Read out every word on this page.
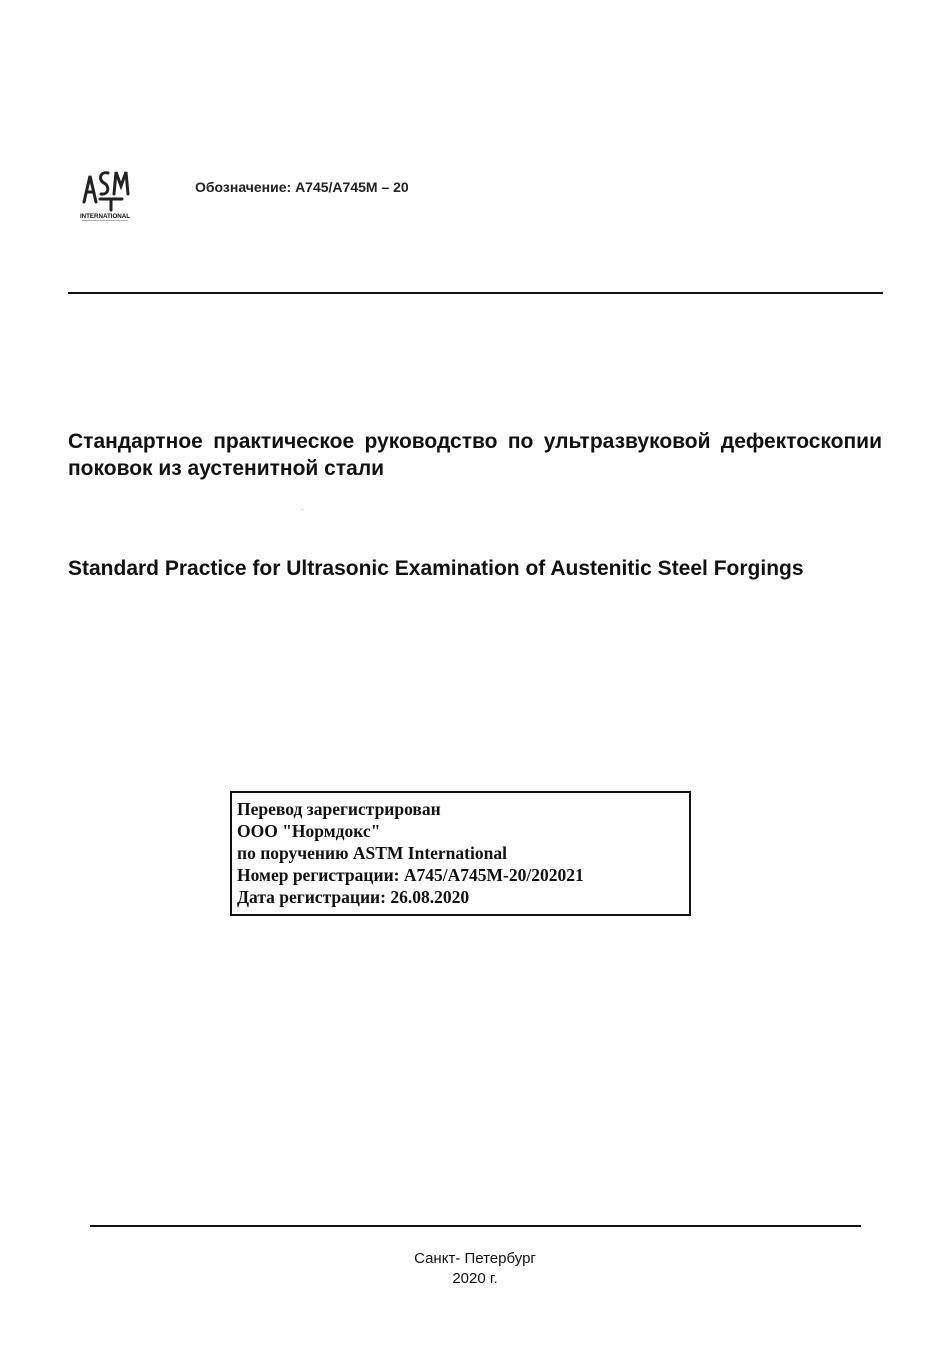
INTERNATIONAL
Обозначение: A745/A745M – 20
Стандартное практическое руководство по ультразвуковой дефектоскопии поковок из аустенитной стали
-
Standard Practice for Ultrasonic Examination of Austenitic Steel Forgings
Перевод зарегистрирован
ООО "Нормдокс"
по поручению ASTM International
Номер регистрации: A745/A745M-20/202021
Дата регистрации: 26.08.2020
Санкт- Петербург
2020 г.
